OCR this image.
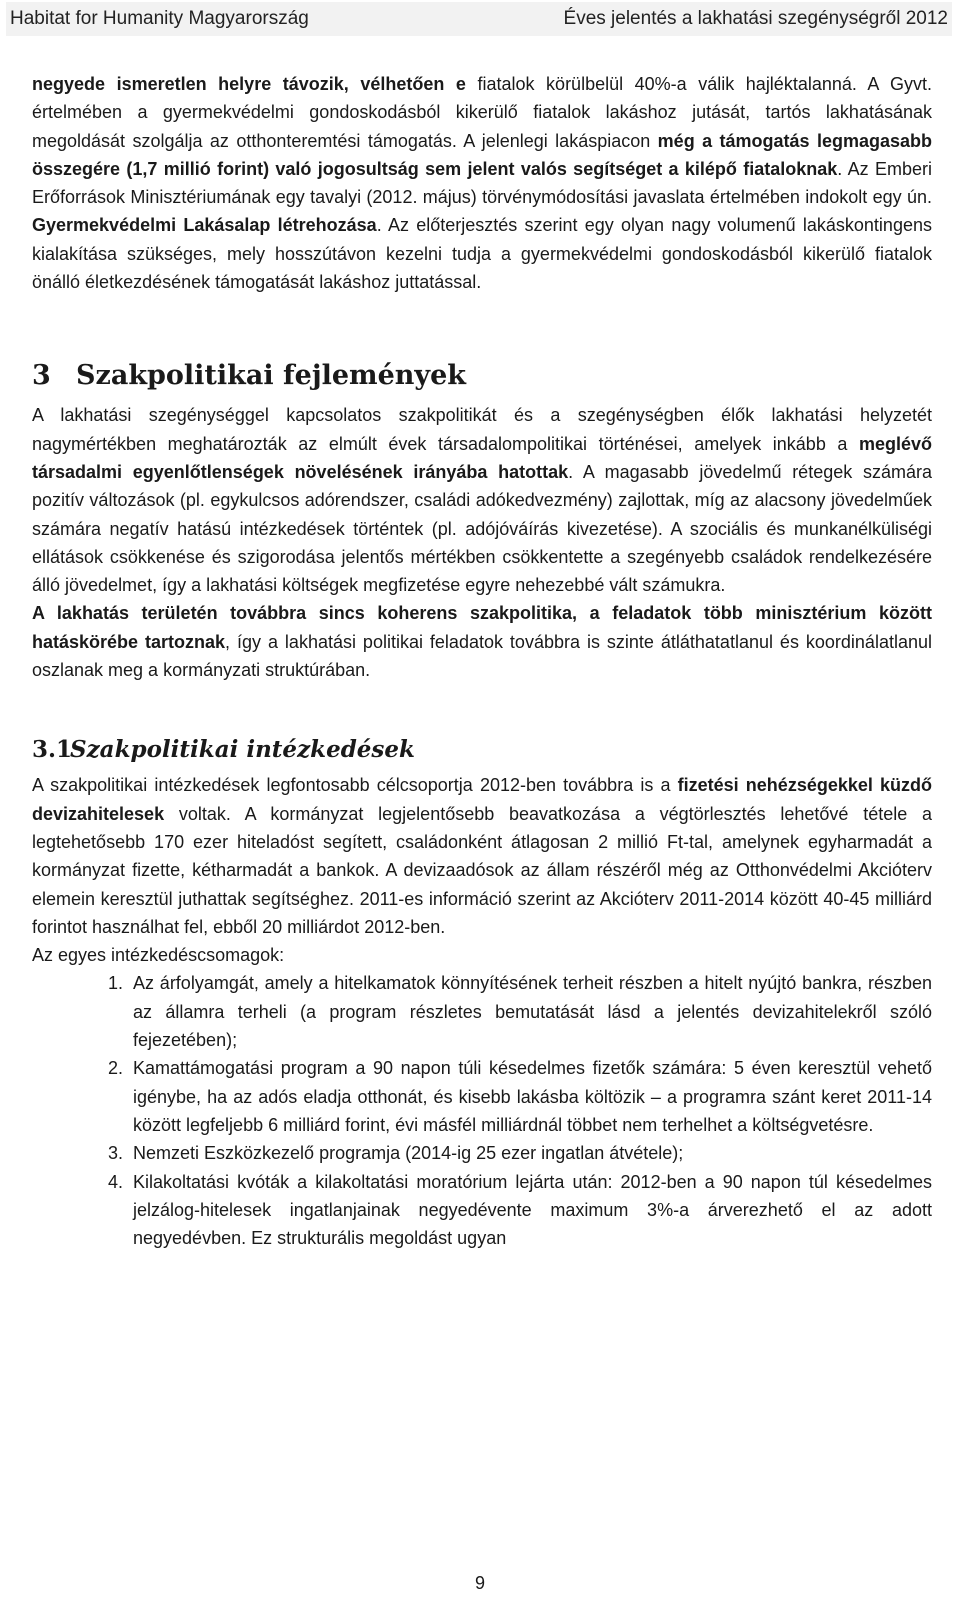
Habitat for Humanity Magyarország	Éves jelentés a lakhatási szegénységről 2012

negyede ismeretlen helyre távozik, vélhetően e fiatalok körülbelül 40%-a válik hajléktalanná. A Gyvt. értelmében a gyermekvédelmi gondoskodásból kikerülő fiatalok lakáshoz jutását, tartós lakhatásának megoldását szolgálja az otthonteremtési támogatás. A jelenlegi lakáspiacon még a támogatás legmagasabb összegére (1,7 millió forint) való jogosultság sem jelent valós segítséget a kilépő fiataloknak. Az Emberi Erőforrások Minisztériumának egy tavalyi (2012. május) törvénymódosítási javaslata értelmében indokolt egy ún. Gyermekvédelmi Lakásalap létrehozása. Az előterjesztés szerint egy olyan nagy volumenű lakáskontingens kialakítása szükséges, mely hosszútávon kezelni tudja a gyermekvédelmi gondoskodásból kikerülő fiatalok önálló életkezdésének támogatását lakáshoz juttatással.

3 Szakpolitikai fejlemények

A lakhatási szegénységgel kapcsolatos szakpolitikát és a szegénységben élők lakhatási helyzetét nagymértékben meghatározták az elmúlt évek társadalompolitikai történései, amelyek inkább a meglévő társadalmi egyenlőtlenségek növelésének irányába hatottak. A magasabb jövedelmű rétegek számára pozitív változások (pl. egykulcsos adórendszer, családi adókedvezmény) zajlottak, míg az alacsony jövedelműek számára negatív hatású intézkedések történtek (pl. adójóváírás kivezetése). A szociális és munkanélküliségi ellátások csökkenése és szigorodása jelentős mértékben csökkentette a szegényebb családok rendelkezésére álló jövedelmet, így a lakhatási költségek megfizetése egyre nehezebbé vált számukra.

A lakhatás területén továbbra sincs koherens szakpolitika, a feladatok több minisztérium között hatáskörébe tartoznak, így a lakhatási politikai feladatok továbbra is szinte átláthatatlanul és koordinálatlanul oszlanak meg a kormányzati struktúrában.

3.1
Szakpolitikai intézkedések

A szakpolitikai intézkedések legfontosabb célcsoportja 2012-ben továbbra is a fizetési nehézségekkel küzdő devizahitelesek voltak. A kormányzat legjelentősebb beavatkozása a végtörlesztés lehetővé tétele a legtehetősebb 170 ezer hiteladóst segített, családonként átlagosan 2 millió Ft-tal, amelynek egyharmadát a kormányzat fizette, kétharmadát a bankok. A devizaadósok az állam részéről még az Otthonvédelmi Akcióterv elemein keresztül juthattak segítséghez. 2011-es információ szerint az Akcióterv 2011-2014 között 40-45 milliárd forintot használhat fel, ebből 20 milliárdot 2012-ben.

Az egyes intézkedéscsomagok:

1. Az árfolyamgát, amely a hitelkamatok könnyítésének terheit részben a hitelt nyújtó bankra, részben az államra terheli (a program részletes bemutatását lásd a jelentés devizahitelekről szóló fejezetében);
2. Kamattámogatási program a 90 napon túli késedelmes fizetők számára: 5 éven keresztül vehető igénybe, ha az adós eladja otthonát, és kisebb lakásba költözik – a programra szánt keret 2011-14 között legfeljebb 6 milliárd forint, évi másfél milliárdnál többet nem terhelhet a költségvetésre.
3. Nemzeti Eszközkezelő programja (2014-ig 25 ezer ingatlan átvétele);
4. Kilakoltatási kvóták a kilakoltatási moratórium lejárta után: 2012-ben a 90 napon túl késedelmes jelzálog-hitelesek ingatlanjainak negyedévente maximum 3%-a árverezhető el az adott negyedévben. Ez strukturális megoldást ugyan
9
